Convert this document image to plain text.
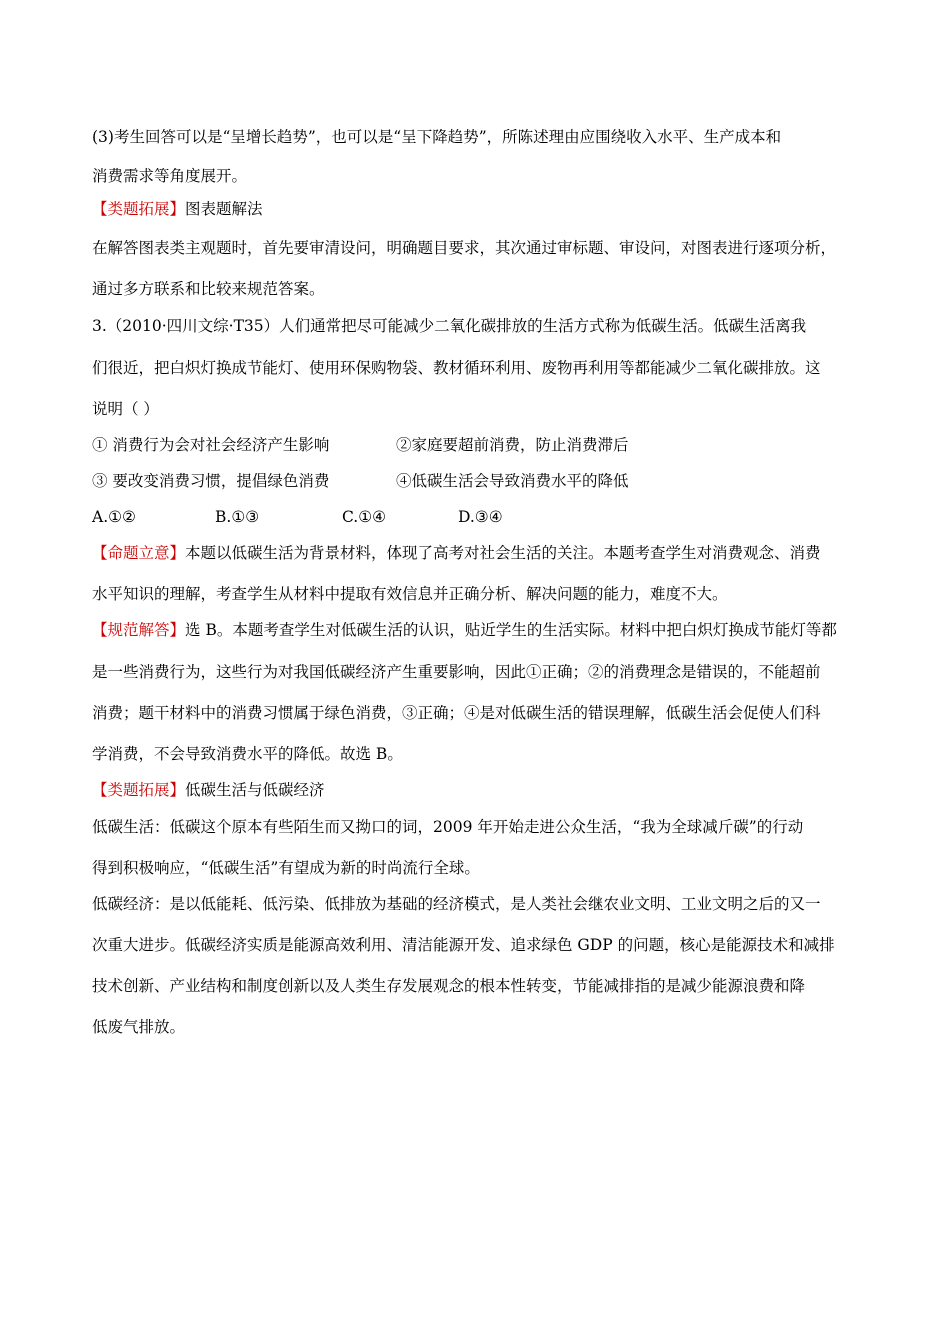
(3)考生回答可以是“呈增长趋势”，也可以是“呈下降趋势”，所陈述理由应围绕收入水平、生产成本和
消费需求等角度展开。
【类题拓展】图表题解法
在解答图表类主观题时，首先要审清设问，明确题目要求，其次通过审标题、审设问，对图表进行逐项分析，
通过多方联系和比较来规范答案。
3.（2010·四川文综·T35）人们通常把尽可能减少二氧化碳排放的生活方式称为低碳生活。低碳生活离我
们很近，把白炽灯换成节能灯、使用环保购物袋、教材循环利用、废物再利用等都能减少二氧化碳排放。这
说明（ ）
① 消费行为会对社会经济产生影响	②家庭要超前消费，防止消费滞后
③ 要改变消费习惯，提倡绿色消费	④低碳生活会导致消费水平的降低
A.①②	B.①③	C.①④	D.③④
【命题立意】本题以低碳生活为背景材料，体现了高考对社会生活的关注。本题考查学生对消费观念、消费
水平知识的理解，考查学生从材料中提取有效信息并正确分析、解决问题的能力，难度不大。
【规范解答】选 B。本题考查学生对低碳生活的认识，贴近学生的生活实际。材料中把白炽灯换成节能灯等都
是一些消费行为，这些行为对我国低碳经济产生重要影响，因此①正确；②的消费理念是错误的，不能超前
消费；题干材料中的消费习惯属于绿色消费，③正确；④是对低碳生活的错误理解，低碳生活会促使人们科
学消费，不会导致消费水平的降低。故选 B。
【类题拓展】低碳生活与低碳经济
低碳生活：低碳这个原本有些陌生而又拗口的词，2009 年开始走进公众生活，“我为全球减斤碳”的行动
得到积极响应，“低碳生活”有望成为新的时尚流行全球。
低碳经济：是以低能耗、低污染、低排放为基础的经济模式，是人类社会继农业文明、工业文明之后的又一
次重大进步。低碳经济实质是能源高效利用、清洁能源开发、追求绿色 GDP 的问题，核心是能源技术和减排
技术创新、产业结构和制度创新以及人类生存发展观念的根本性转变，节能减排指的是减少能源浪费和降
低废气排放。
